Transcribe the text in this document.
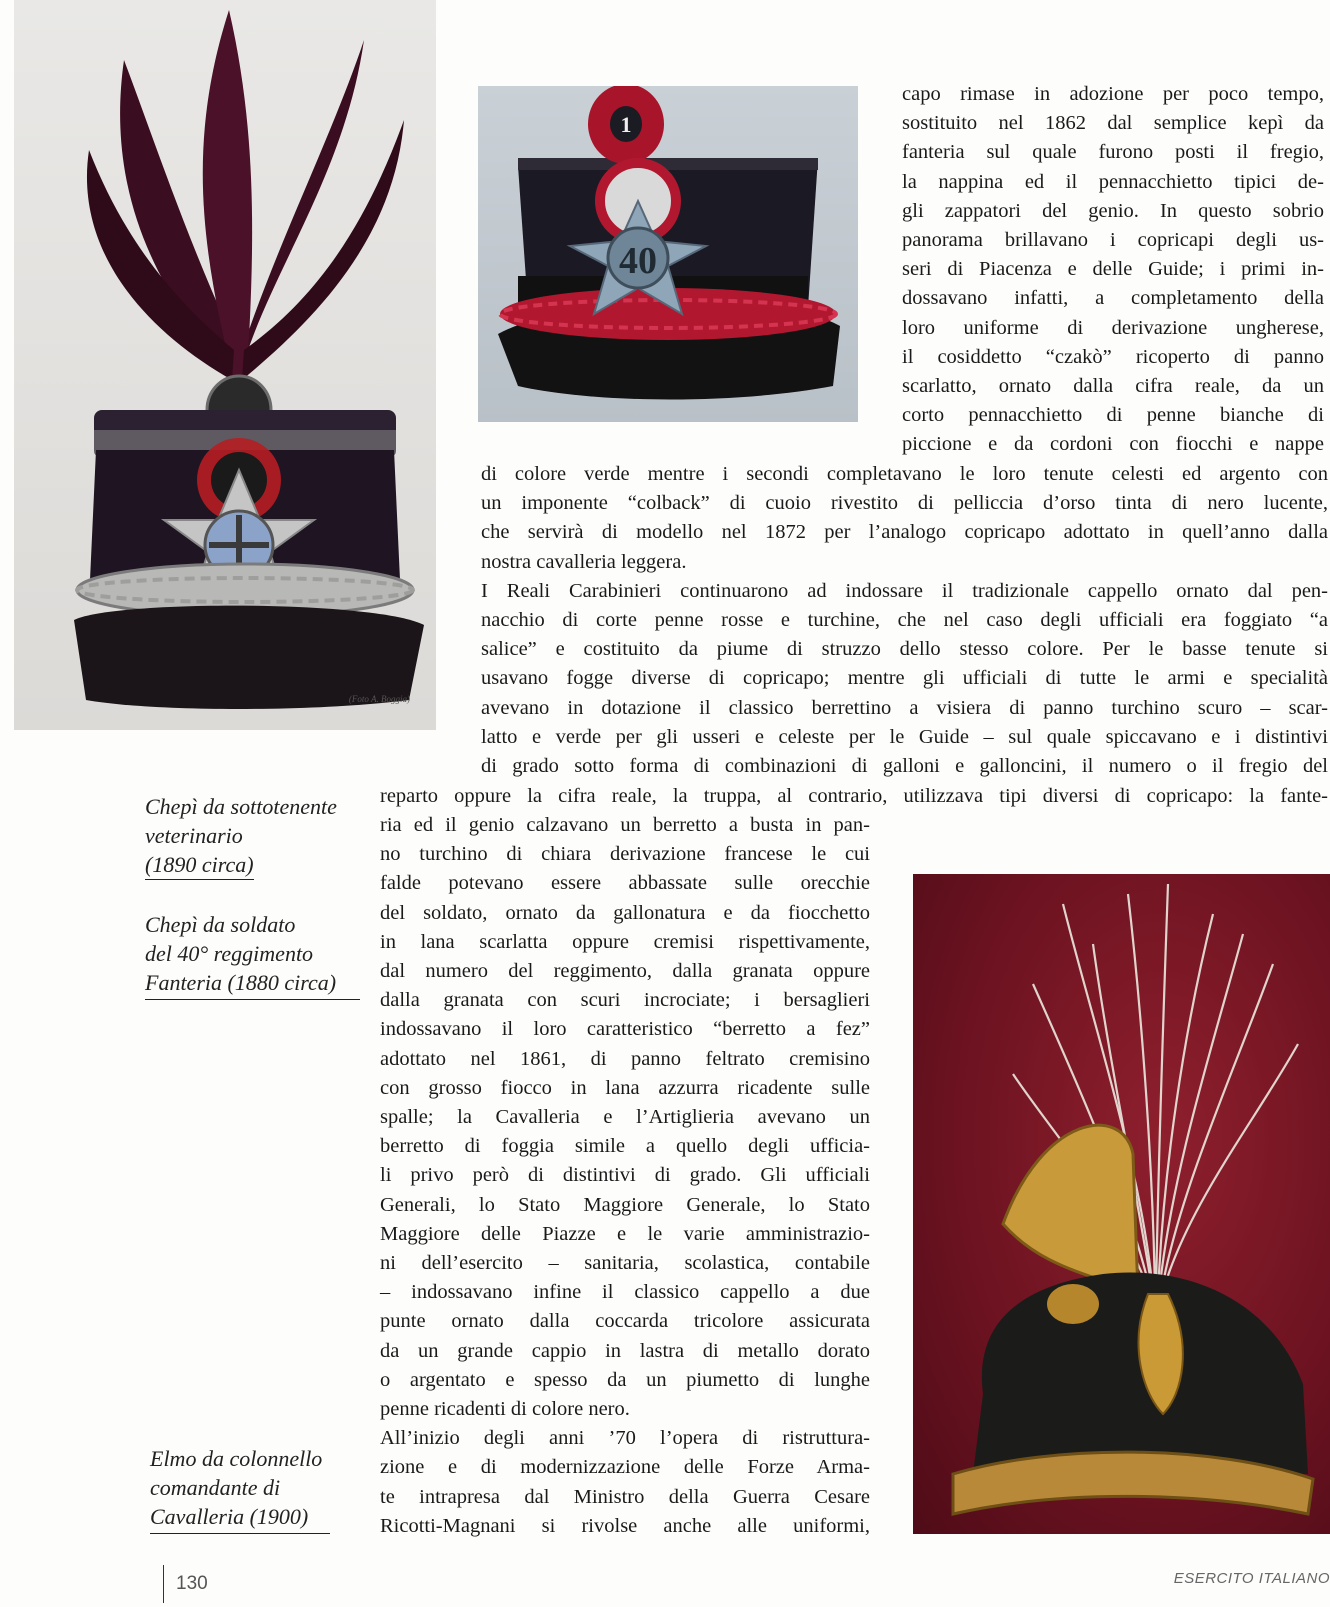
(Foto A. Boggia)
1
40
capo rimase in adozione per poco tempo,
sostituito nel 1862 dal semplice kepì da
fanteria sul quale furono posti il fregio,
la nappina ed il pennacchietto tipici de-
gli zappatori del genio. In questo sobrio
panorama brillavano i copricapi degli us-
seri di Piacenza e delle Guide; i primi in-
dossavano infatti, a completamento della
loro uniforme di derivazione ungherese,
il cosiddetto “czakò” ricoperto di panno
scarlatto, ornato dalla cifra reale, da un
corto pennacchietto di penne bianche di
piccione e da cordoni con fiocchi e nappe
di colore verde mentre i secondi completavano le loro tenute celesti ed argento con
un imponente “colback” di cuoio rivestito di pelliccia d’orso tinta di nero lucente,
che servirà di modello nel 1872 per l’analogo copricapo adottato in quell’anno dalla
nostra cavalleria leggera.
I Reali Carabinieri continuarono ad indossare il tradizionale cappello ornato dal pen-
nacchio di corte penne rosse e turchine, che nel caso degli ufficiali era foggiato “a
salice” e costituito da piume di struzzo dello stesso colore. Per le basse tenute si
usavano fogge diverse di copricapo; mentre gli ufficiali di tutte le armi e specialità
avevano in dotazione il classico berrettino a visiera di panno turchino scuro – scar-
latto e verde per gli usseri e celeste per le Guide – sul quale spiccavano e i distintivi
di grado sotto forma di combinazioni di galloni e galloncini, il numero o il fregio del
reparto oppure la cifra reale, la truppa, al contrario, utilizzava tipi diversi di copricapo: la fante-
ria ed il genio calzavano un berretto a busta in pan-
no turchino di chiara derivazione francese le cui
falde potevano essere abbassate sulle orecchie
del soldato, ornato da gallonatura e da fiocchetto
in lana scarlatta oppure cremisi rispettivamente,
dal numero del reggimento, dalla granata oppure
dalla granata con scuri incrociate; i bersaglieri
indossavano il loro caratteristico “berretto a fez”
adottato nel 1861, di panno feltrato cremisino
con grosso fiocco in lana azzurra ricadente sulle
spalle; la Cavalleria e l’Artiglieria avevano un
berretto di foggia simile a quello degli ufficia-
li privo però di distintivi di grado. Gli ufficiali
Generali, lo Stato Maggiore Generale, lo Stato
Maggiore delle Piazze e le varie amministrazio-
ni dell’esercito – sanitaria, scolastica, contabile
– indossavano infine il classico cappello a due
punte ornato dalla coccarda tricolore assicurata
da un grande cappio in lastra di metallo dorato
o argentato e spesso da un piumetto di lunghe
penne ricadenti di colore nero.
All’inizio degli anni ’70 l’opera di ristruttura-
zione e di modernizzazione delle Forze Arma-
te intrapresa dal Ministro della Guerra Cesare
Ricotti-Magnani si rivolse anche alle uniformi,
Chepì da sottotenente
veterinario
(1890 circa)
Chepì da soldato
del 40° reggimento
Fanteria (1880 circa)
Elmo da colonnello
comandante di
Cavalleria (1900)
130	ESERCITO ITALIANO
